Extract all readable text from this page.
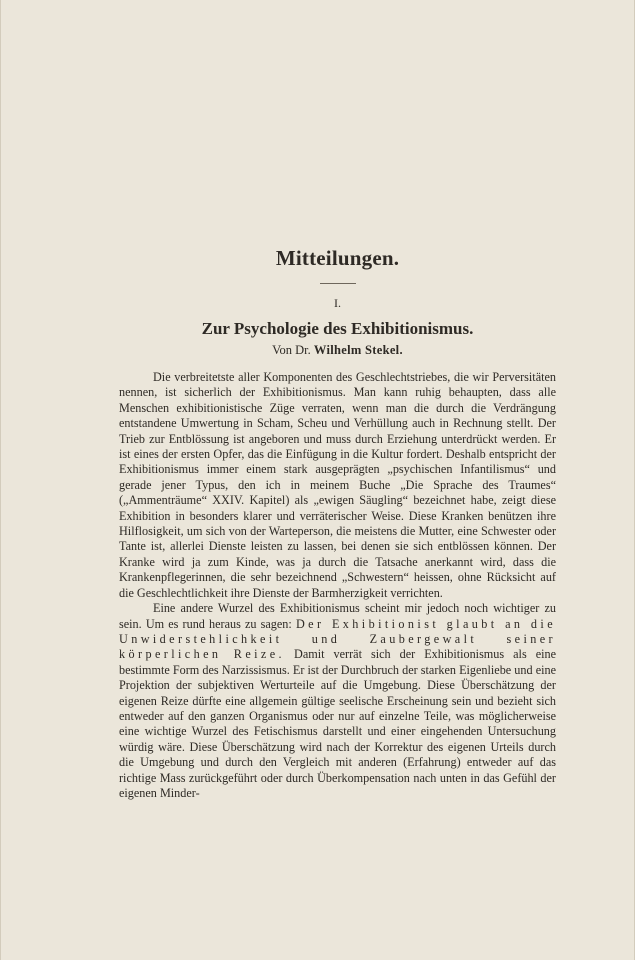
Mitteilungen.
I.
Zur Psychologie des Exhibitionismus.
Von Dr. Wilhelm Stekel.

Die verbreitetste aller Komponenten des Geschlechtstriebes, die wir Perversitäten nennen, ist sicherlich der Exhibitionismus. Man kann ruhig behaupten, dass alle Menschen exhibitionistische Züge verraten, wenn man die durch die Verdrängung entstandene Umwertung in Scham, Scheu und Verhüllung auch in Rechnung stellt. Der Trieb zur Entblössung ist angeboren und muss durch Erziehung unterdrückt werden. Er ist eines der ersten Opfer, das die Einfügung in die Kultur fordert. Deshalb entspricht der Exhibitionismus immer einem stark ausgeprägten „psychischen Infantilismus“ und gerade jener Typus, den ich in meinem Buche „Die Sprache des Traumes“ („Ammenträume“ XXIV. Kapitel) als „ewigen Säugling“ bezeichnet habe, zeigt diese Exhibition in besonders klarer und verräterischer Weise. Diese Kranken benützen ihre Hilflosigkeit, um sich von der Warteperson, die meistens die Mutter, eine Schwester oder Tante ist, allerlei Dienste leisten zu lassen, bei denen sie sich entblössen können. Der Kranke wird ja zum Kinde, was ja durch die Tatsache anerkannt wird, dass die Krankenpflegerinnen, die sehr bezeichnend „Schwestern“ heissen, ohne Rücksicht auf die Geschlechtlichkeit ihre Dienste der Barmherzigkeit verrichten.

Eine andere Wurzel des Exhibitionismus scheint mir jedoch noch wichtiger zu sein. Um es rund heraus zu sagen: Der Exhibitionist glaubt an die Unwiderstehlichkeit und Zaubergewalt seiner körperlichen Reize. Damit verrät sich der Exhibitionismus als eine bestimmte Form des Narzissismus. Er ist der Durchbruch der starken Eigenliebe und eine Projektion der subjektiven Werturteile auf die Umgebung. Diese Überschätzung der eigenen Reize dürfte eine allgemein gültige seelische Erscheinung sein und bezieht sich entweder auf den ganzen Organismus oder nur auf einzelne Teile, was möglicherweise eine wichtige Wurzel des Fetischismus darstellt und einer eingehenden Untersuchung würdig wäre. Diese Überschätzung wird nach der Korrektur des eigenen Urteils durch die Umgebung und durch den Vergleich mit anderen (Erfahrung) entweder auf das richtige Mass zurückgeführt oder durch Überkompensation nach unten in das Gefühl der eigenen Minder-
